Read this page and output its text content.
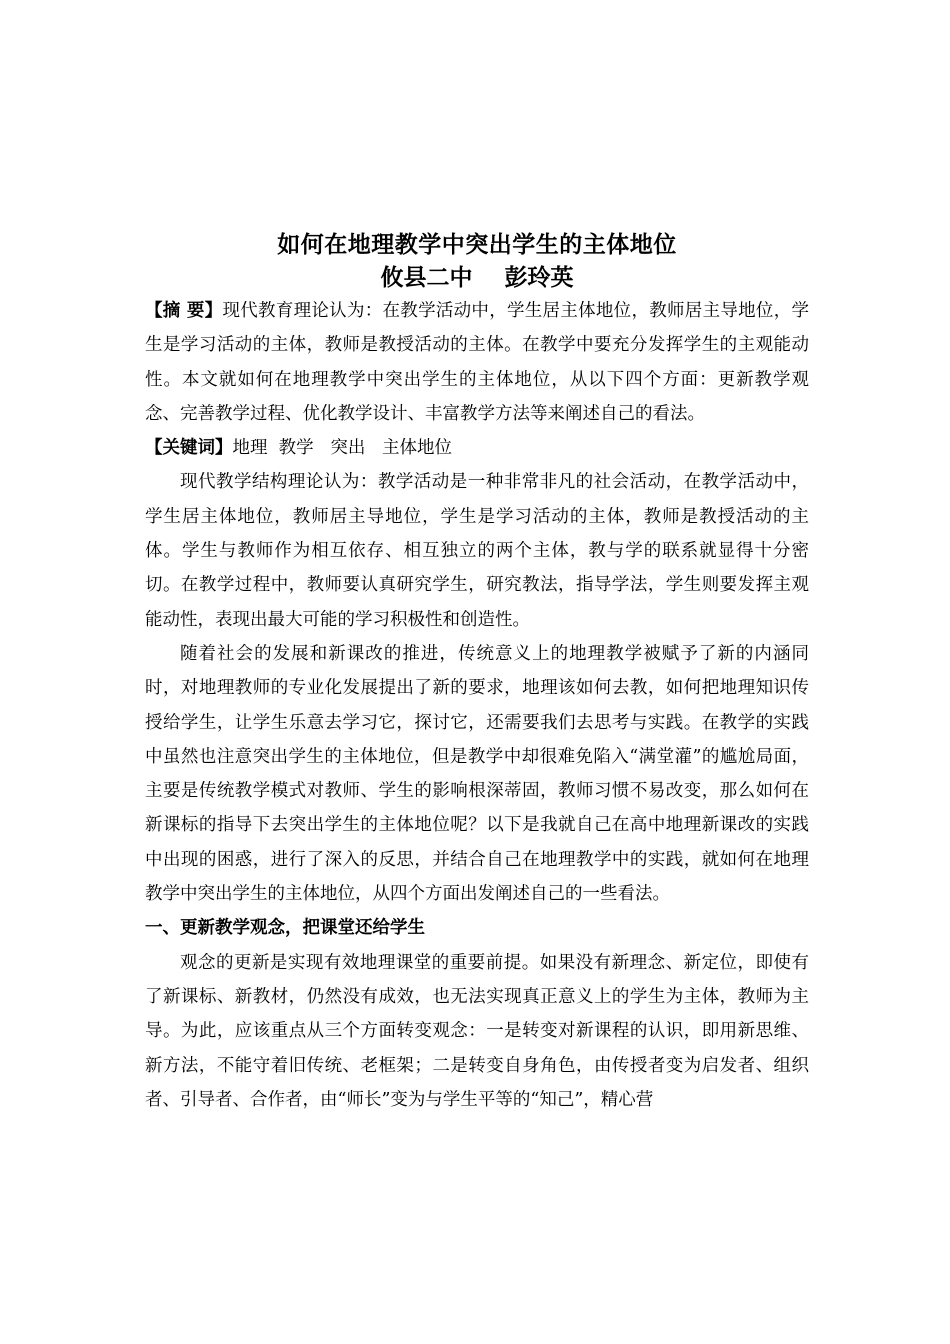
如何在地理教学中突出学生的主体地位
攸县二中    彭玲英

【摘 要】现代教育理论认为：在教学活动中，学生居主体地位，教师居主导地位，学生是学习活动的主体，教师是教授活动的主体。在教学中要充分发挥学生的主观能动性。本文就如何在地理教学中突出学生的主体地位，从以下四个方面：更新教学观念、完善教学过程、优化教学设计、丰富教学方法等来阐述自己的看法。

【关键词】地理  教学   突出   主体地位

现代教学结构理论认为：教学活动是一种非常非凡的社会活动，在教学活动中，学生居主体地位，教师居主导地位，学生是学习活动的主体，教师是教授活动的主体。学生与教师作为相互依存、相互独立的两个主体，教与学的联系就显得十分密切。在教学过程中，教师要认真研究学生，研究教法，指导学法，学生则要发挥主观能动性，表现出最大可能的学习积极性和创造性。

随着社会的发展和新课改的推进，传统意义上的地理教学被赋予了新的内涵同时，对地理教师的专业化发展提出了新的要求，地理该如何去教，如何把地理知识传授给学生，让学生乐意去学习它，探讨它，还需要我们去思考与实践。在教学的实践中虽然也注意突出学生的主体地位，但是教学中却很难免陷入“满堂灌”的尴尬局面，主要是传统教学模式对教师、学生的影响根深蒂固，教师习惯不易改变，那么如何在新课标的指导下去突出学生的主体地位呢？以下是我就自己在高中地理新课改的实践中出现的困惑，进行了深入的反思，并结合自己在地理教学中的实践，就如何在地理教学中突出学生的主体地位，从四个方面出发阐述自己的一些看法。

一、更新教学观念，把课堂还给学生

观念的更新是实现有效地理课堂的重要前提。如果没有新理念、新定位，即使有了新课标、新教材，仍然没有成效，也无法实现真正意义上的学生为主体，教师为主导。为此，应该重点从三个方面转变观念：一是转变对新课程的认识，即用新思维、新方法，不能守着旧传统、老框架；二是转变自身角色，由传授者变为启发者、组织者、引导者、合作者，由“师长”变为与学生平等的“知己”，精心营
